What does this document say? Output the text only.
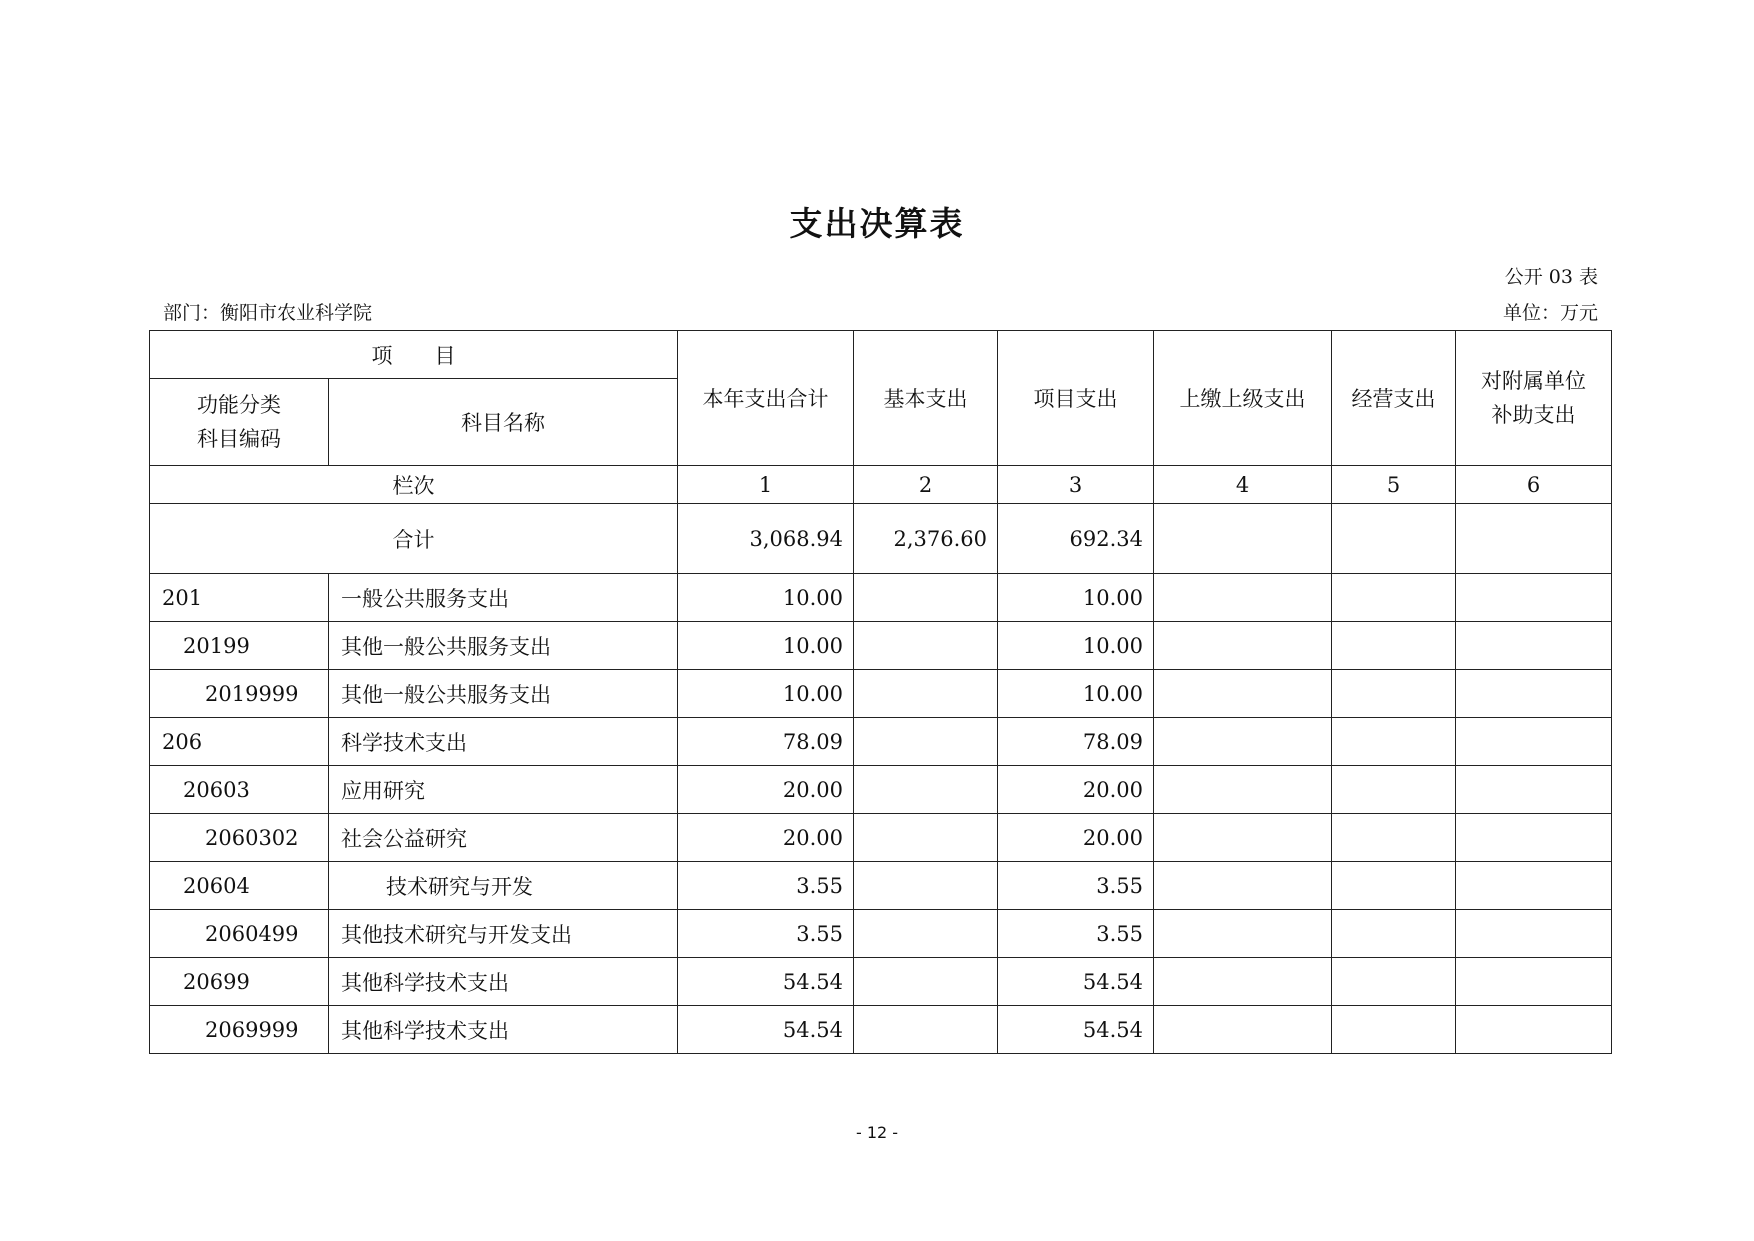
支出决算表
公开 03 表
部门：衡阳市农业科学院	单位：万元
项　　目		本年支出合计	基本支出	项目支出	上缴上级支出	经营支出	对附属单位
补助支出

功能分类
科目编码	科目名称						
栏次		1	2	3	4	5	6
合计		3,068.94	2,376.60	692.34			
201	一般公共服务支出	10.00		10.00			
20199	其他一般公共服务支出	10.00		10.00			
2019999	其他一般公共服务支出	10.00		10.00			
206	科学技术支出	78.09		78.09			
20603	应用研究	20.00		20.00			
2060302	社会公益研究	20.00		20.00			
20604	技术研究与开发	3.55		3.55			
2060499	其他技术研究与开发支出	3.55		3.55			
20699	其他科学技术支出	54.54		54.54			
2069999	其他科学技术支出	54.54		54.54			
- 12 -
